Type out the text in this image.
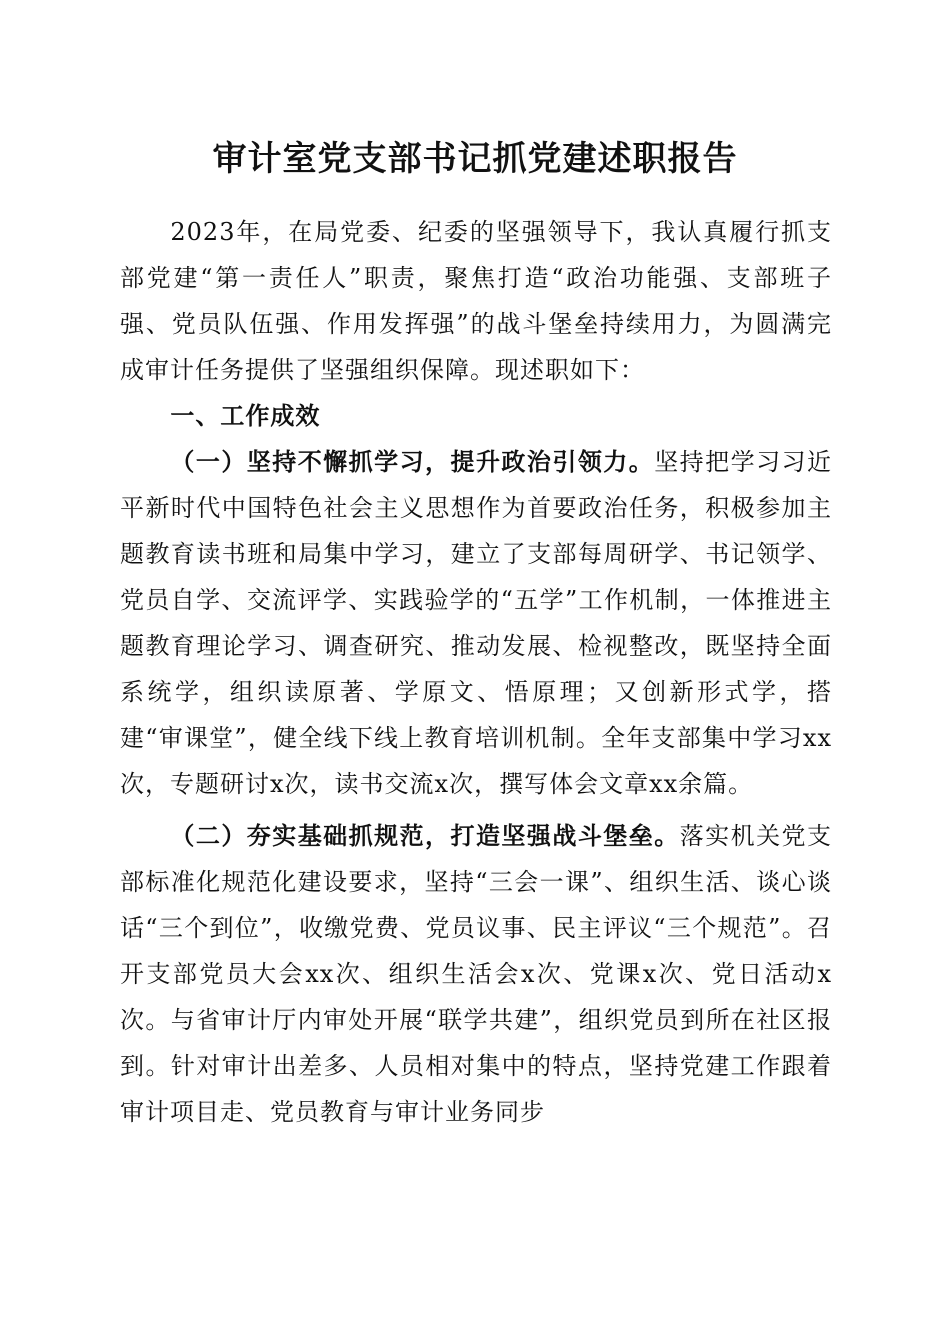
审计室党支部书记抓党建述职报告

2023年，在局党委、纪委的坚强领导下，我认真履行抓支部党建“第一责任人”职责，聚焦打造“政治功能强、支部班子强、党员队伍强、作用发挥强”的战斗堡垒持续用力，为圆满完成审计任务提供了坚强组织保障。现述职如下：

一、工作成效

（一）坚持不懈抓学习，提升政治引领力。坚持把学习习近平新时代中国特色社会主义思想作为首要政治任务，积极参加主题教育读书班和局集中学习，建立了支部每周研学、书记领学、党员自学、交流评学、实践验学的“五学”工作机制，一体推进主题教育理论学习、调查研究、推动发展、检视整改，既坚持全面系统学，组织读原著、学原文、悟原理；又创新形式学，搭建“审课堂”，健全线下线上教育培训机制。全年支部集中学习xx次，专题研讨x次，读书交流x次，撰写体会文章xx余篇。

（二）夯实基础抓规范，打造坚强战斗堡垒。落实机关党支部标准化规范化建设要求，坚持“三会一课”、组织生活、谈心谈话“三个到位”，收缴党费、党员议事、民主评议“三个规范”。召开支部党员大会xx次、组织生活会x次、党课x次、党日活动x次。与省审计厅内审处开展“联学共建”，组织党员到所在社区报到。针对审计出差多、人员相对集中的特点，坚持党建工作跟着审计项目走、党员教育与审计业务同步
